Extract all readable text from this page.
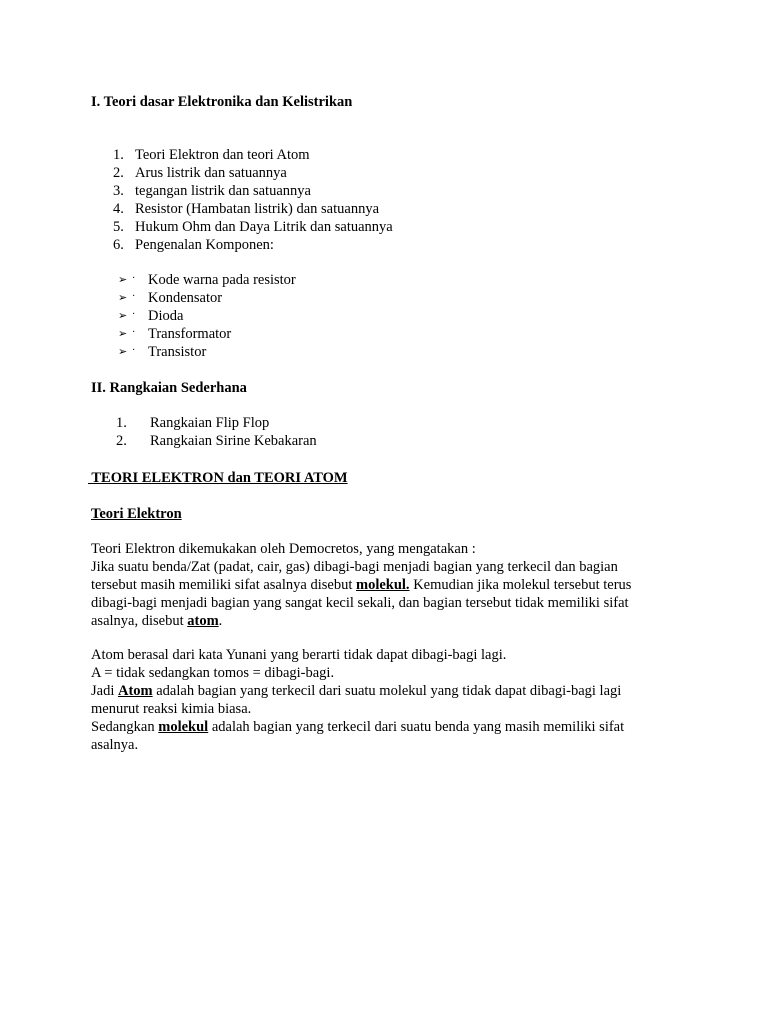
I. Teori dasar Elektronika dan Kelistrikan
1. Teori Elektron dan teori Atom
2. Arus listrik dan satuannya
3. tegangan listrik dan satuannya
4. Resistor (Hambatan listrik) dan satuannya
5. Hukum Ohm dan Daya Litrik dan satuannya
6. Pengenalan Komponen:
➢ · Kode warna pada resistor
➢ · Kondensator
➢ · Dioda
➢ · Transformator
➢ · Transistor
II. Rangkaian Sederhana
1. Rangkaian Flip Flop
2. Rangkaian Sirine Kebakaran
TEORI ELEKTRON dan TEORI ATOM
Teori Elektron
Teori Elektron dikemukakan oleh Democretos, yang mengatakan :
Jika suatu benda/Zat (padat, cair, gas) dibagi-bagi menjadi bagian yang terkecil dan bagian
tersebut masih memiliki sifat asalnya disebut molekul. Kemudian jika molekul tersebut terus
dibagi-bagi menjadi bagian yang sangat kecil sekali, dan bagian tersebut tidak memiliki sifat
asalnya, disebut atom.
Atom berasal dari kata Yunani yang berarti tidak dapat dibagi-bagi lagi.
A = tidak sedangkan tomos = dibagi-bagi.
Jadi Atom adalah bagian yang terkecil dari suatu molekul yang tidak dapat dibagi-bagi lagi
menurut reaksi kimia biasa.
Sedangkan molekul adalah bagian yang terkecil dari suatu benda yang masih memiliki sifat
asalnya.
